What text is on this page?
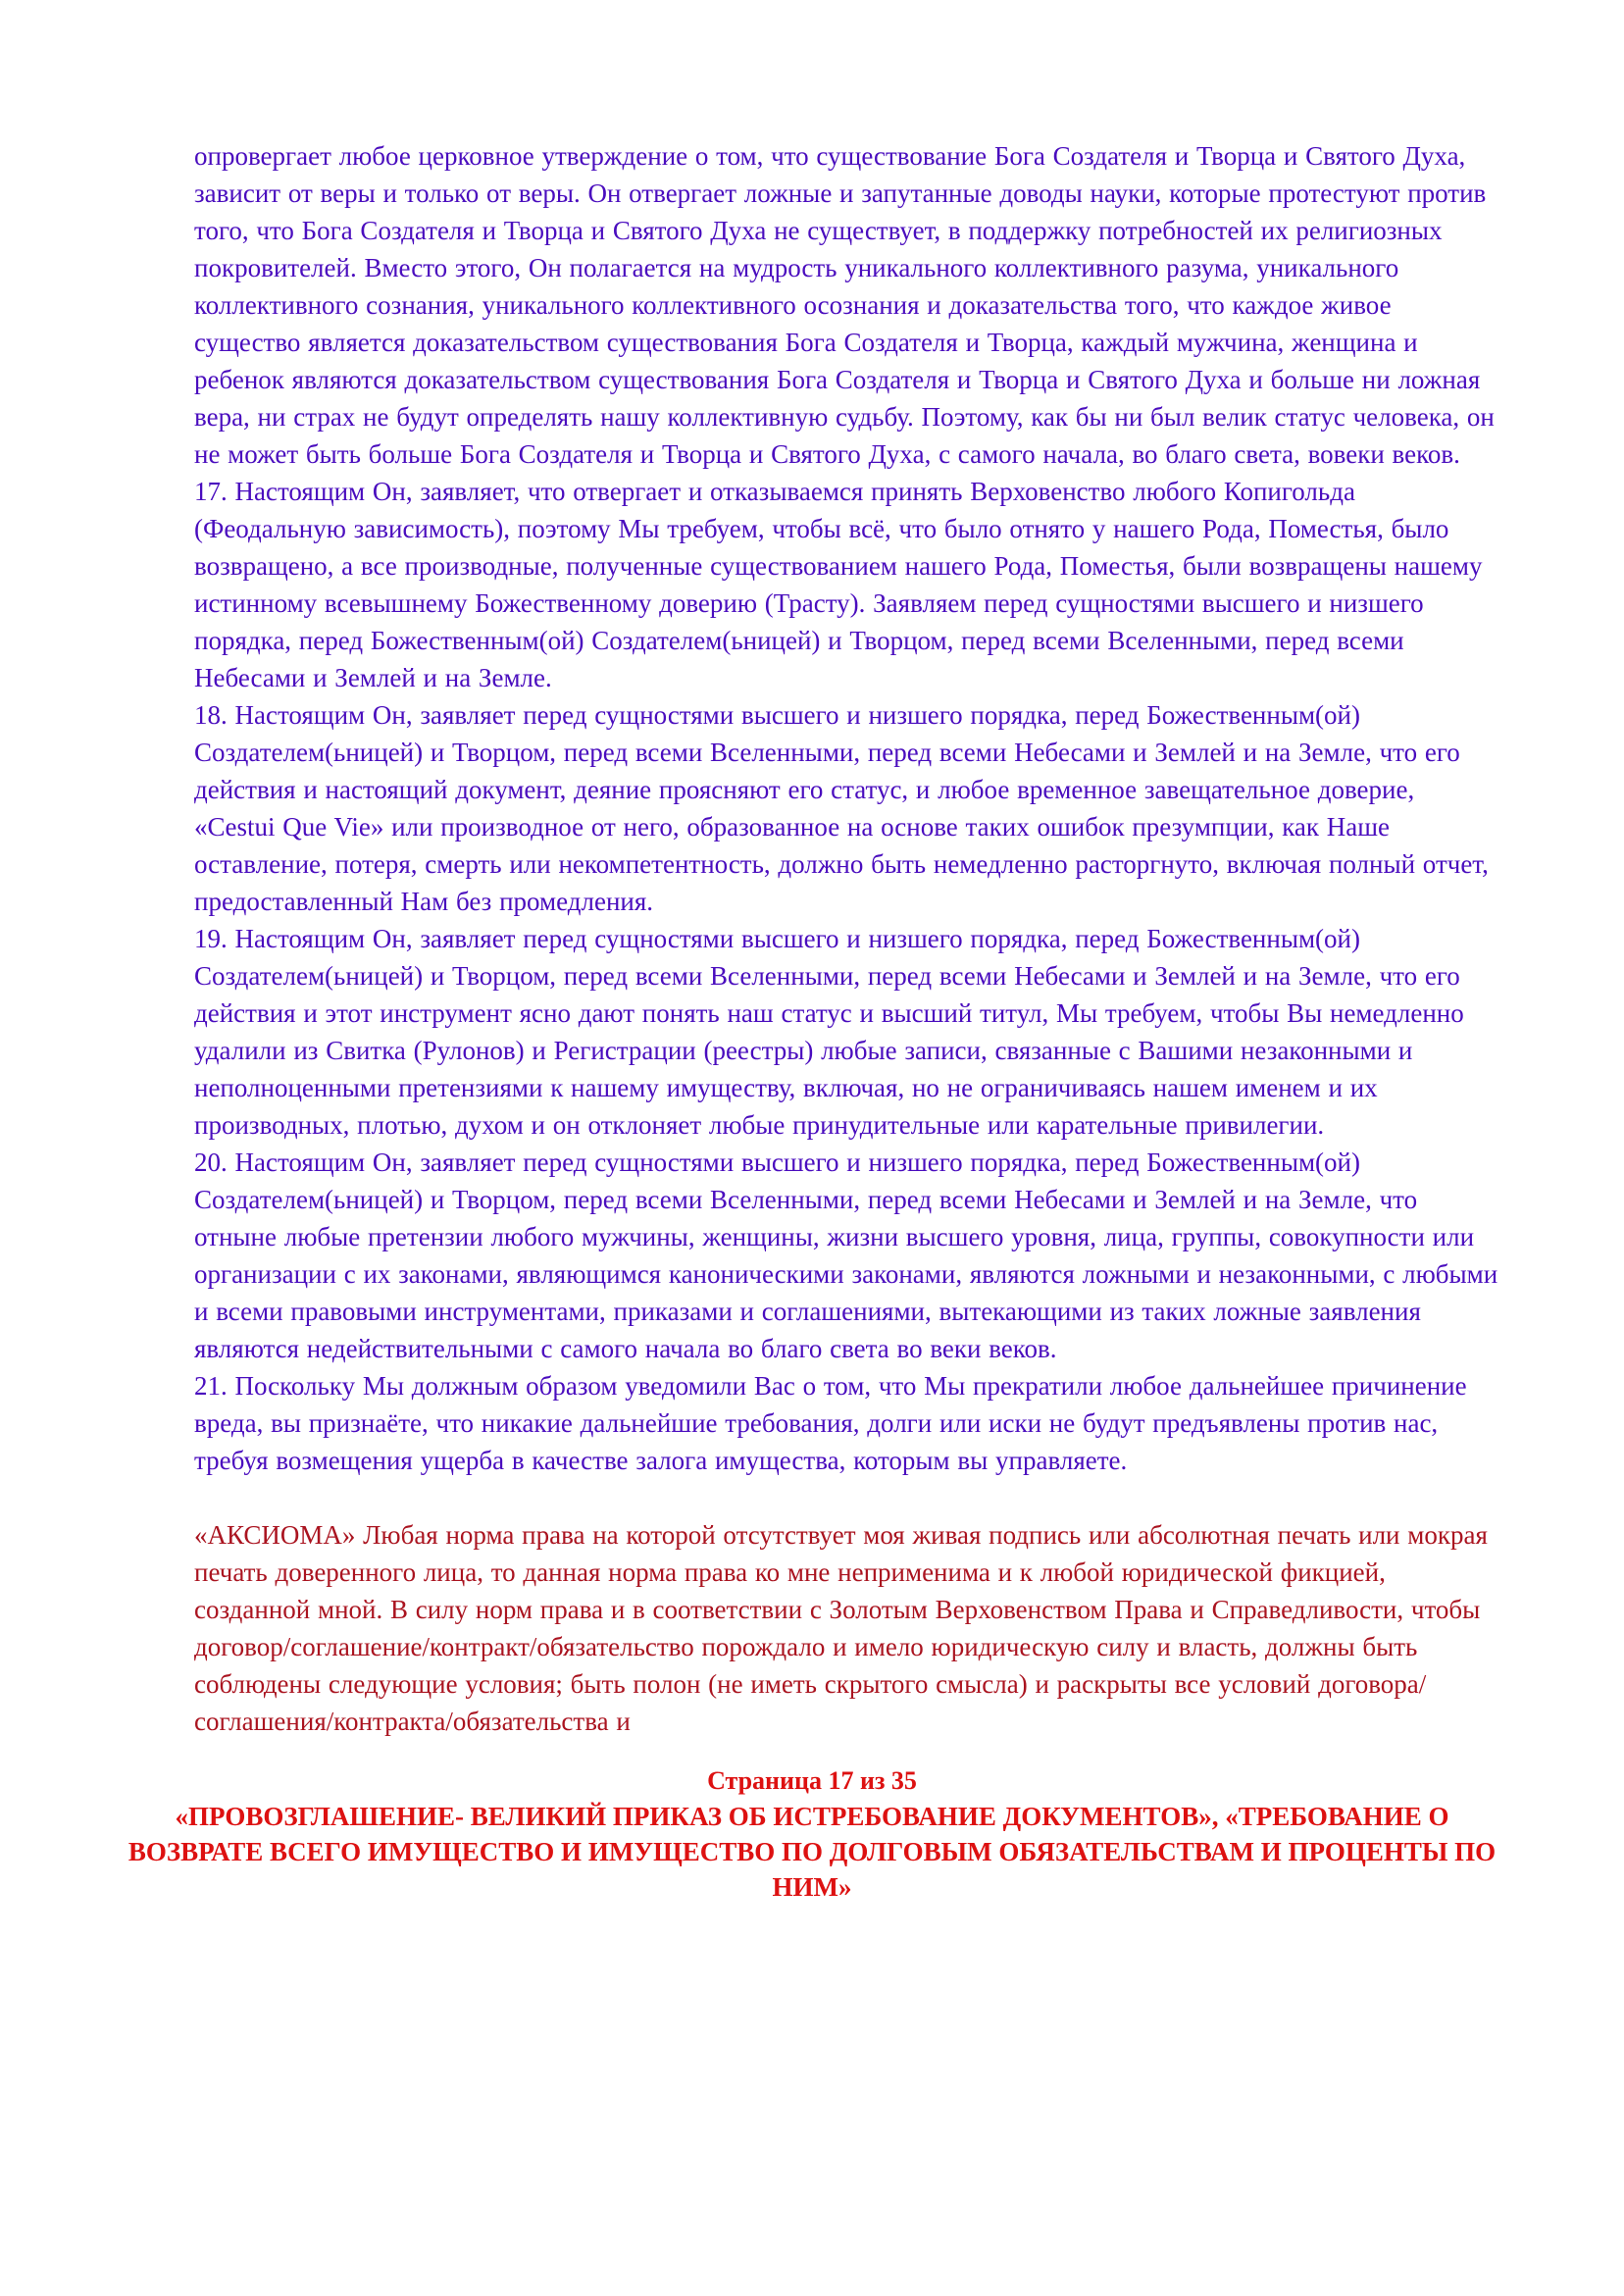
опровергает любое церковное утверждение о том, что существование Бога Создателя и Творца и Святого Духа, зависит от веры и только от веры. Он отвергает ложные и запутанные доводы науки, которые протестуют против того, что Бога Создателя и Творца и Святого Духа не существует, в поддержку потребностей их религиозных покровителей. Вместо этого, Он полагается на мудрость уникального коллективного разума, уникального коллективного сознания, уникального коллективного осознания и доказательства того, что каждое живое существо является доказательством существования Бога Создателя и Творца, каждый мужчина, женщина и ребенок являются доказательством существования Бога Создателя и Творца и Святого Духа и больше ни ложная вера, ни страх не будут определять нашу коллективную судьбу. Поэтому, как бы ни был велик статус человека, он не может быть больше Бога Создателя и Творца и Святого Духа, с самого начала, во благо света, вовеки веков.

17. Настоящим Он, заявляет, что отвергает и отказываемся принять Верховенство любого Копигольда (Феодальную зависимость), поэтому Мы требуем, чтобы всё, что было отнято у нашего Рода, Поместья, было возвращено, а все производные, полученные существованием нашего Рода, Поместья, были возвращены нашему истинному всевышнему Божественному доверию (Трасту). Заявляем перед сущностями высшего и низшего порядка, перед Божественным(ой) Создателем(ьницей) и Творцом, перед всеми Вселенными, перед всеми Небесами и Землей и на Земле.

18. Настоящим Он, заявляет перед сущностями высшего и низшего порядка, перед Божественным(ой) Создателем(ьницей) и Творцом, перед всеми Вселенными, перед всеми Небесами и Землей и на Земле, что его действия и настоящий документ, деяние проясняют его статус, и любое временное завещательное доверие, «Cestui Que Vie» или производное от него, образованное на основе таких ошибок презумпции, как Наше оставление, потеря, смерть или некомпетентность, должно быть немедленно расторгнуто, включая полный отчет, предоставленный Нам без промедления.

19. Настоящим Он, заявляет перед сущностями высшего и низшего порядка, перед Божественным(ой) Создателем(ьницей) и Творцом, перед всеми Вселенными, перед всеми Небесами и Землей и на Земле, что его действия и этот инструмент ясно дают понять наш статус и высший титул, Мы требуем, чтобы Вы немедленно удалили из Свитка (Рулонов) и Регистрации (реестры) любые записи, связанные с Вашими незаконными и неполноценными претензиями к нашему имуществу, включая, но не ограничиваясь нашем именем и их производных, плотью, духом и он отклоняет любые принудительные или карательные привилегии.

20. Настоящим Он, заявляет перед сущностями высшего и низшего порядка, перед Божественным(ой) Создателем(ьницей) и Творцом, перед всеми Вселенными, перед всеми Небесами и Землей и на Земле, что отныне любые претензии любого мужчины, женщины, жизни высшего уровня, лица, группы, совокупности или организации с их законами, являющимся каноническими законами, являются ложными и незаконными, с любыми и всеми правовыми инструментами, приказами и соглашениями, вытекающими из таких ложные заявления являются недействительными с самого начала во благо света во веки веков.

21. Поскольку Мы должным образом уведомили Вас о том, что Мы прекратили любое дальнейшее причинение вреда, вы признаёте, что никакие дальнейшие требования, долги или иски не будут предъявлены против нас, требуя возмещения ущерба в качестве залога имущества, которым вы управляете.

«АКСИОМА» Любая норма права на которой отсутствует моя живая подпись или абсолютная печать или мокрая печать доверенного лица, то данная норма права ко мне неприменима и к любой юридической фикцией, созданной мной. В силу норм права и в соответствии с Золотым Верховенством Права и Справедливости, чтобы договор/соглашение/контракт/обязательство порождало и имело юридическую силу и власть, должны быть соблюдены следующие условия; быть полон (не иметь скрытого смысла) и раскрыты все условий договора/соглашения/контракта/обязательства и

Страница 17 из 35
«ПРОВОЗГЛАШЕНИЕ- ВЕЛИКИЙ ПРИКАЗ ОБ ИСТРЕБОВАНИЕ ДОКУМЕНТОВ», «ТРЕБОВАНИЕ О ВОЗВРАТЕ ВСЕГО ИМУЩЕСТВО И ИМУЩЕСТВО ПО ДОЛГОВЫМ ОБЯЗАТЕЛЬСТВАМ И ПРОЦЕНТЫ ПО НИМ»
